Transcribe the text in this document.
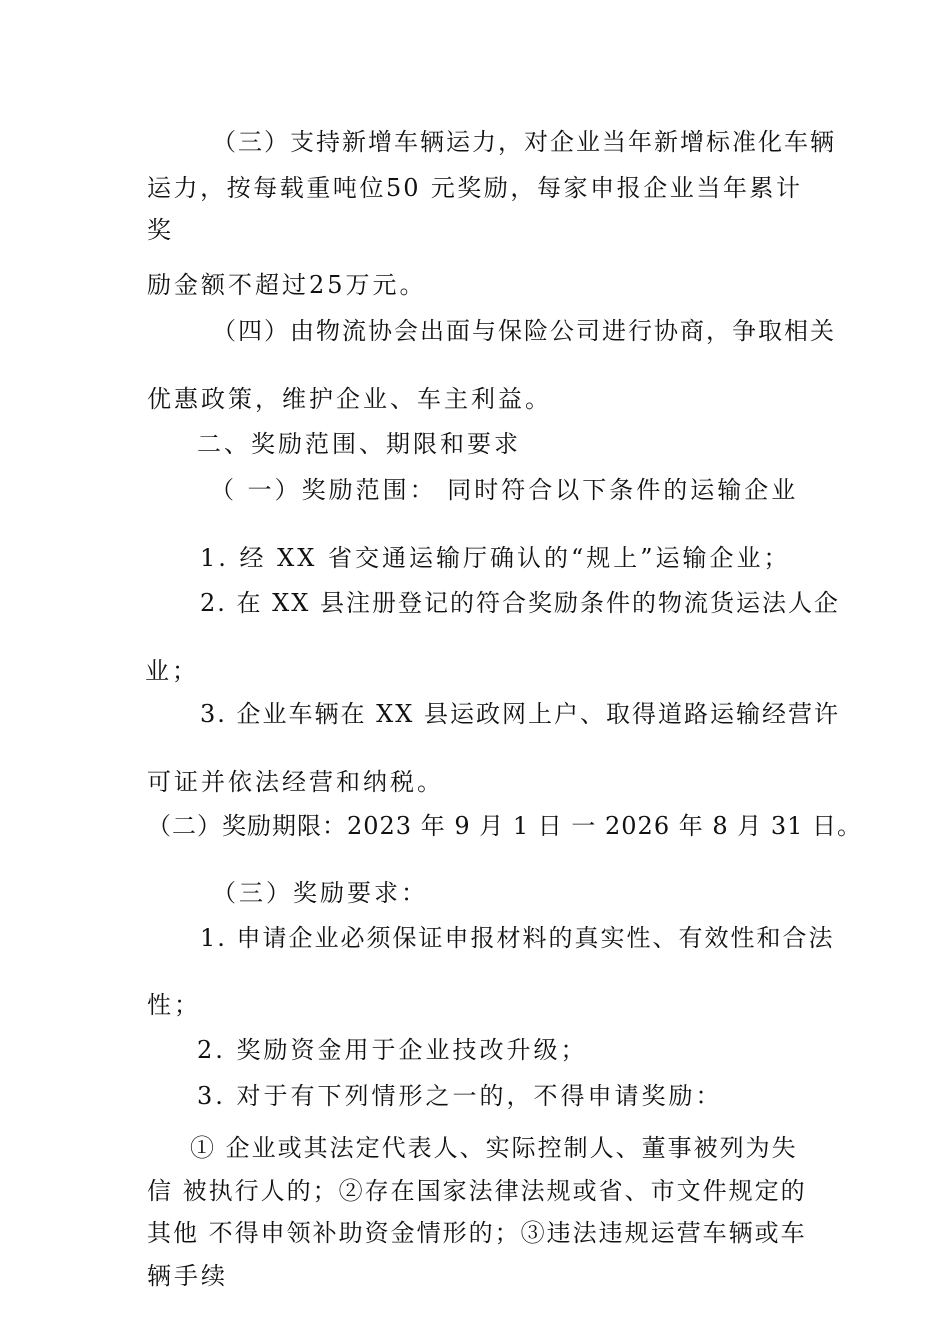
（三）支持新增车辆运力，对企业当年新增标准化车辆

运力，按每载重吨位50 元奖励，每家申报企业当年累计

奖

励金额不超过25万元。

（四）由物流协会出面与保险公司进行协商，争取相关

优惠政策，维护企业、车主利益。

二、奖励范围、期限和要求

（ 一）奖励范围： 同时符合以下条件的运输企业

1. 经 XX 省交通运输厅确认的“规上”运输企业；

2. 在 XX 县注册登记的符合奖励条件的物流货运法人企

业；

3. 企业车辆在 XX 县运政网上户、取得道路运输经营许

可证并依法经营和纳税。

（二）奖励期限：2023 年 9 月 1 日 一 2026 年 8 月 31 日。

（三）奖励要求：

1. 申请企业必须保证申报材料的真实性、有效性和合法

性；

2. 奖励资金用于企业技改升级；

3. 对于有下列情形之一的，不得申请奖励：

① 企业或其法定代表人、实际控制人、董事被列为失

信 被执行人的；②存在国家法律法规或省、市文件规定的

其他 不得申领补助资金情形的；③违法违规运营车辆或车

辆手续
